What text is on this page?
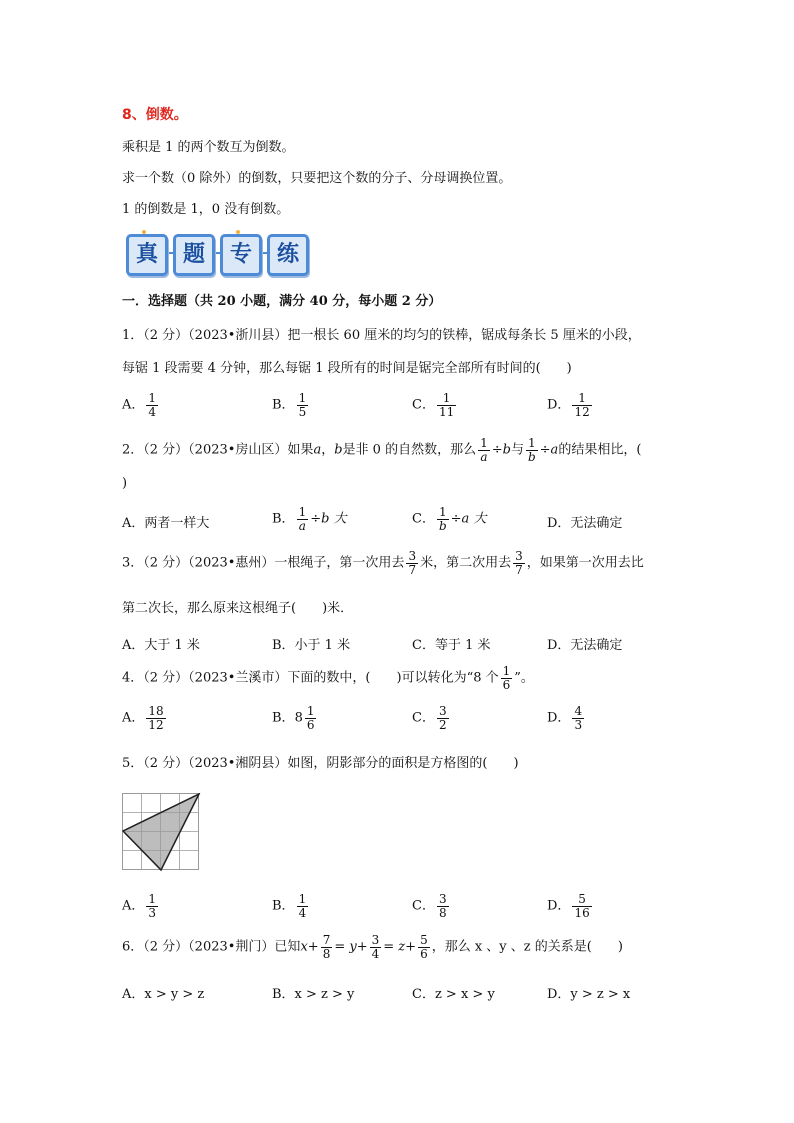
8、倒数。
乘积是 1 的两个数互为倒数。
求一个数（0 除外）的倒数，只要把这个数的分子、分母调换位置。
1 的倒数是 1，0 没有倒数。
真	题	专	练
一．选择题（共 20 小题，满分 40 分，每小题 2 分）
1．（2 分）（2023•浙川县）把一根长 60 厘米的均匀的铁棒，锯成每条长 5 厘米的小段，
每锯 1 段需要 4 分钟，那么每锯 1 段所有的时间是锯完全部所有时间的(　　)
A． $\frac{1}{4}$	B． $\frac{1}{5}$	C． $\frac{1}{11}$	D． $\frac{1}{12}$
2．（2 分）（2023•房山区）如果a，b是非 0 的自然数，那么 $\frac{1}{a} \div b$与 $\frac{1}{b} \div a$的结果相比，(
)
A．两者一样大	B． $\frac{1}{a} \div b$ 大	C． $\frac{1}{b} \div a$ 大	D．无法确定
3．（2 分）（2023•惠州）一根绳子，第一次用去 $\frac{3}{7}$ 米，第二次用去 $\frac{3}{7}$ ，如果第一次用去比
第二次长，那么原来这根绳子(　　)米．
A．大于 1 米	B．小于 1 米	C．等于 1 米	D．无法确定
4．（2 分）（2023•兰溪市）下面的数中，(　　)可以转化为“8 个 $\frac{1}{6}$ ”。
A． $\frac{18}{12}$	B．$8 \frac{1}{6}$	C． $\frac{3}{2}$	D． $\frac{4}{3}$
5．（2 分）（2023•湘阴县）如图，阴影部分的面积是方格图的(　　)
A． $\frac{1}{3}$	B． $\frac{1}{4}$	C． $\frac{3}{8}$	D． $\frac{5}{16}$
6．（2 分）（2023•荆门）已知$x+ \frac{7}{8} = y+ \frac{3}{4} = z+ \frac{5}{6}$ ，那么 x 、y 、z 的关系是(　　)
A．x > y > z	B．x > z > y	C．z > x > y	D．y > z > x
